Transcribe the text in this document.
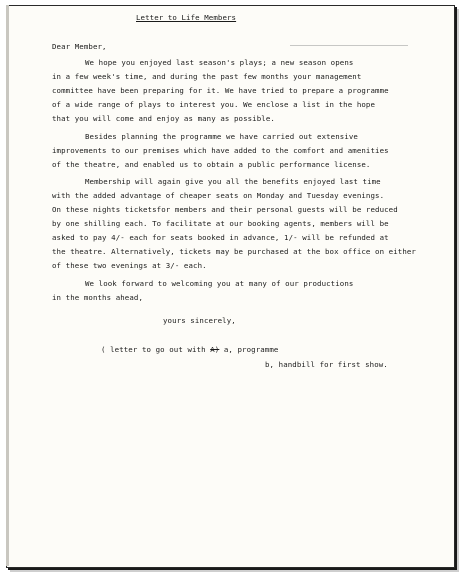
Letter to Life Members
Dear Member,
We hope you enjoyed last season's plays; a new season opens
in a few week's time, and during the past few months your management
committee have been preparing for it. We have tried to prepare a programme
of a wide range of plays to interest you. We enclose a list in the hope
that you will come and enjoy as many as possible.
Besides planning the programme we have carried out extensive
improvements to our premises which have added to the comfort and amenities
of the theatre, and enabled us to obtain a public performance license.
Membership will again give you all the benefits enjoyed last time
with the added advantage of cheaper seats on Monday and Tuesday evenings.
On these nights ticketsfor members and their personal guests will be reduced
by one shilling each. To facilitate at our booking agents, members will be
asked to pay 4/- each for seats booked in advance, 1/- will be refunded at
the theatre. Alternatively, tickets may be purchased at the box office on either
of these two evenings at 3/- each.
We look forward to welcoming you at many of our productions
in the months ahead,
yours sincerely,
( letter to go out with A) a, programme
b, handbill for first show.
